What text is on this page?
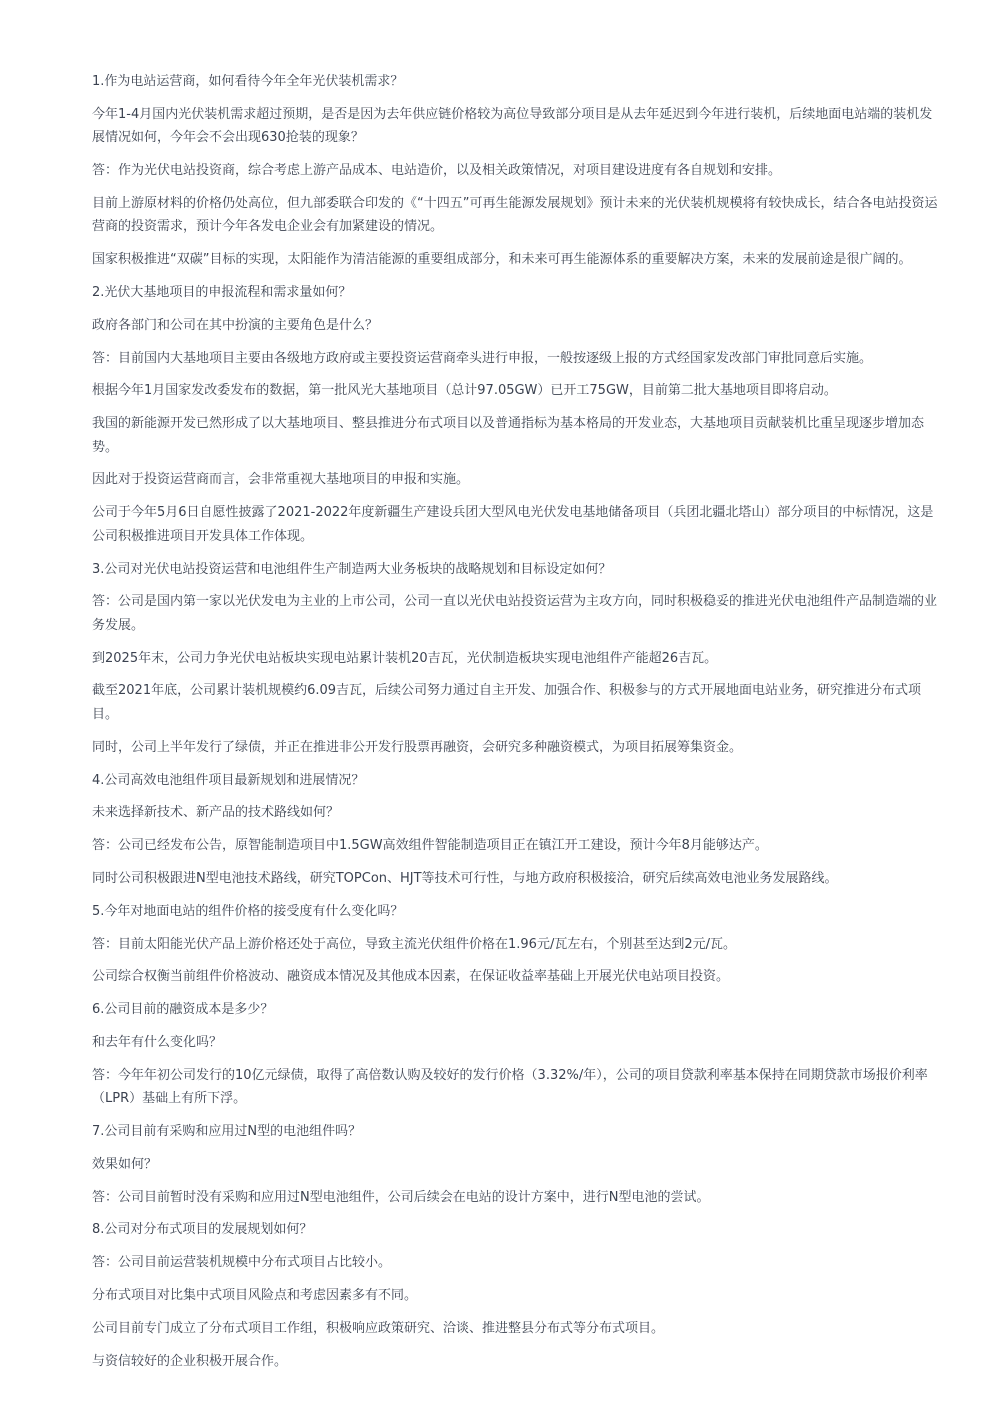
1.作为电站运营商，如何看待今年全年光伏装机需求？

今年1-4月国内光伏装机需求超过预期，是否是因为去年供应链价格较为高位导致部分项目是从去年延迟到今年进行装机，后续地面电站端的装机发展情况如何，今年会不会出现630抢装的现象？

答：作为光伏电站投资商，综合考虑上游产品成本、电站造价，以及相关政策情况，对项目建设进度有各自规划和安排。

目前上游原材料的价格仍处高位，但九部委联合印发的《“十四五”可再生能源发展规划》预计未来的光伏装机规模将有较快成长，结合各电站投资运营商的投资需求，预计今年各发电企业会有加紧建设的情况。

国家积极推进“双碳”目标的实现，太阳能作为清洁能源的重要组成部分，和未来可再生能源体系的重要解决方案，未来的发展前途是很广阔的。

2.光伏大基地项目的申报流程和需求量如何？

政府各部门和公司在其中扮演的主要角色是什么？

答：目前国内大基地项目主要由各级地方政府或主要投资运营商牵头进行申报，一般按逐级上报的方式经国家发改部门审批同意后实施。

根据今年1月国家发改委发布的数据，第一批风光大基地项目（总计97.05GW）已开工75GW，目前第二批大基地项目即将启动。

我国的新能源开发已然形成了以大基地项目、整县推进分布式项目以及普通指标为基本格局的开发业态，大基地项目贡献装机比重呈现逐步增加态势。

因此对于投资运营商而言，会非常重视大基地项目的申报和实施。

公司于今年5月6日自愿性披露了2021-2022年度新疆生产建设兵团大型风电光伏发电基地储备项目（兵团北疆北塔山）部分项目的中标情况，这是公司积极推进项目开发具体工作体现。

3.公司对光伏电站投资运营和电池组件生产制造两大业务板块的战略规划和目标设定如何？

答：公司是国内第一家以光伏发电为主业的上市公司，公司一直以光伏电站投资运营为主攻方向，同时积极稳妥的推进光伏电池组件产品制造端的业务发展。

到2025年末，公司力争光伏电站板块实现电站累计装机20吉瓦，光伏制造板块实现电池组件产能超26吉瓦。

截至2021年底，公司累计装机规模约6.09吉瓦，后续公司努力通过自主开发、加强合作、积极参与的方式开展地面电站业务，研究推进分布式项目。

同时，公司上半年发行了绿债，并正在推进非公开发行股票再融资，会研究多种融资模式，为项目拓展筹集资金。

4.公司高效电池组件项目最新规划和进展情况？

未来选择新技术、新产品的技术路线如何？

答：公司已经发布公告，原智能制造项目中1.5GW高效组件智能制造项目正在镇江开工建设，预计今年8月能够达产。

同时公司积极跟进N型电池技术路线，研究TOPCon、HJT等技术可行性，与地方政府积极接洽，研究后续高效电池业务发展路线。

5.今年对地面电站的组件价格的接受度有什么变化吗？

答：目前太阳能光伏产品上游价格还处于高位，导致主流光伏组件价格在1.96元/瓦左右，个别甚至达到2元/瓦。

公司综合权衡当前组件价格波动、融资成本情况及其他成本因素，在保证收益率基础上开展光伏电站项目投资。

6.公司目前的融资成本是多少？

和去年有什么变化吗？

答：今年年初公司发行的10亿元绿债，取得了高倍数认购及较好的发行价格（3.32%/年），公司的项目贷款利率基本保持在同期贷款市场报价利率（LPR）基础上有所下浮。

7.公司目前有采购和应用过N型的电池组件吗？

效果如何？

答：公司目前暂时没有采购和应用过N型电池组件，公司后续会在电站的设计方案中，进行N型电池的尝试。

8.公司对分布式项目的发展规划如何？

答：公司目前运营装机规模中分布式项目占比较小。

分布式项目对比集中式项目风险点和考虑因素多有不同。

公司目前专门成立了分布式项目工作组，积极响应政策研究、洽谈、推进整县分布式等分布式项目。

与资信较好的企业积极开展合作。
